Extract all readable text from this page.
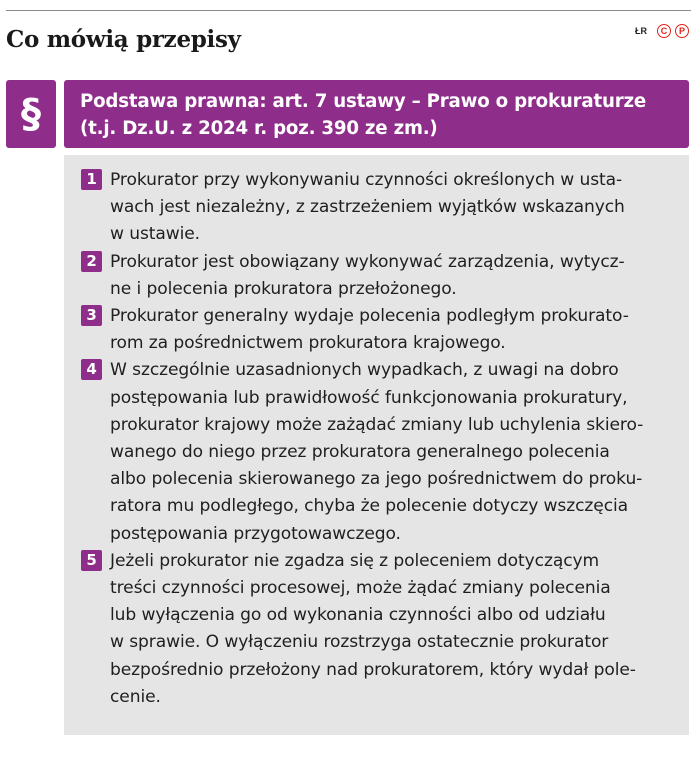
Co mówią przepisy	ŁR	C	P
§	Podstawa prawna: art. 7 ustawy – Prawo o prokuraturze
(t.j. Dz.U. z 2024 r. poz. 390 ze zm.)
1 Prokurator przy wykonywaniu czynności określonych w usta-
wach jest niezależny, z zastrzeżeniem wyjątków wskazanych
w ustawie.
2 Prokurator jest obowiązany wykonywać zarządzenia, wytycz-
ne i polecenia prokuratora przełożonego.
3 Prokurator generalny wydaje polecenia podległym prokurato-
rom za pośrednictwem prokuratora krajowego.
4 W szczególnie uzasadnionych wypadkach, z uwagi na dobro
postępowania lub prawidłowość funkcjonowania prokuratury,
prokurator krajowy może zażądać zmiany lub uchylenia skiero-
wanego do niego przez prokuratora generalnego polecenia
albo polecenia skierowanego za jego pośrednictwem do proku-
ratora mu podległego, chyba że polecenie dotyczy wszczęcia
postępowania przygotowawczego.
5 Jeżeli prokurator nie zgadza się z poleceniem dotyczącym
treści czynności procesowej, może żądać zmiany polecenia
lub wyłączenia go od wykonania czynności albo od udziału
w sprawie. O wyłączeniu rozstrzyga ostatecznie prokurator
bezpośrednio przełożony nad prokuratorem, który wydał pole-
cenie.
